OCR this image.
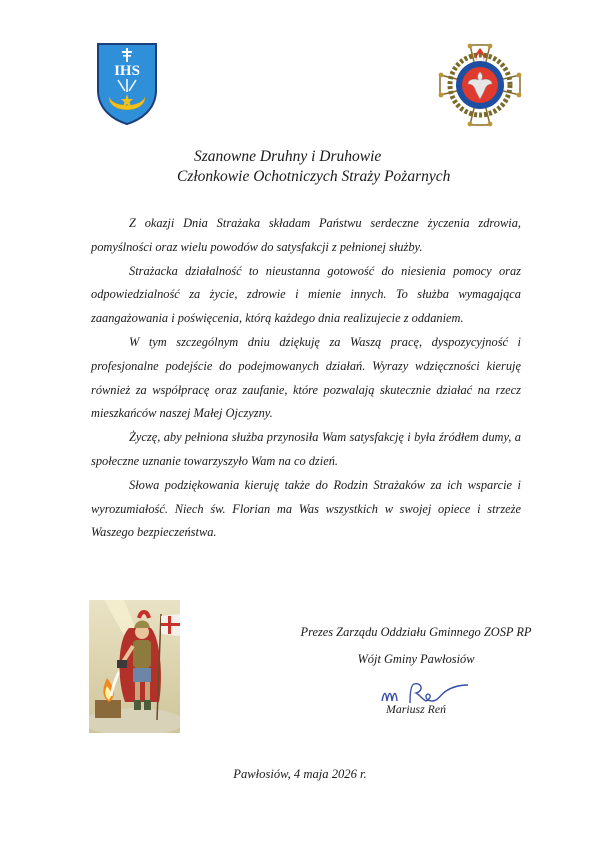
IHS
Szanowne Druhny i Druhowie
Członkowie Ochotniczych Straży Pożarnych

Z okazji Dnia Strażaka składam Państwu serdeczne życzenia zdrowia, pomyślności oraz wielu powodów do satysfakcji z pełnionej służby.

Strażacka działalność to nieustanna gotowość do niesienia pomocy oraz odpowiedzialność za życie, zdrowie i mienie innych. To służba wymagająca zaangażowania i poświęcenia, którą każdego dnia realizujecie z oddaniem.

W tym szczególnym dniu dziękuję za Waszą pracę, dyspozycyjność i profesjonalne podejście do podejmowanych działań. Wyrazy wdzięczności kieruję również za współpracę oraz zaufanie, które pozwalają skutecznie działać na rzecz mieszkańców naszej Małej Ojczyzny.

Życzę, aby pełniona służba przynosiła Wam satysfakcję i była źródłem dumy, a społeczne uznanie towarzyszyło Wam na co dzień.

Słowa podziękowania kieruję także do Rodzin Strażaków za ich wsparcie i wyrozumiałość. Niech św. Florian ma Was wszystkich w swojej opiece i strzeże Waszego bezpieczeństwa.

Prezes Zarządu Oddziału Gminnego ZOSP RP
Wójt Gminy Pawłosiów
Mariusz Reń
Pawłosiów, 4 maja 2026 r.
